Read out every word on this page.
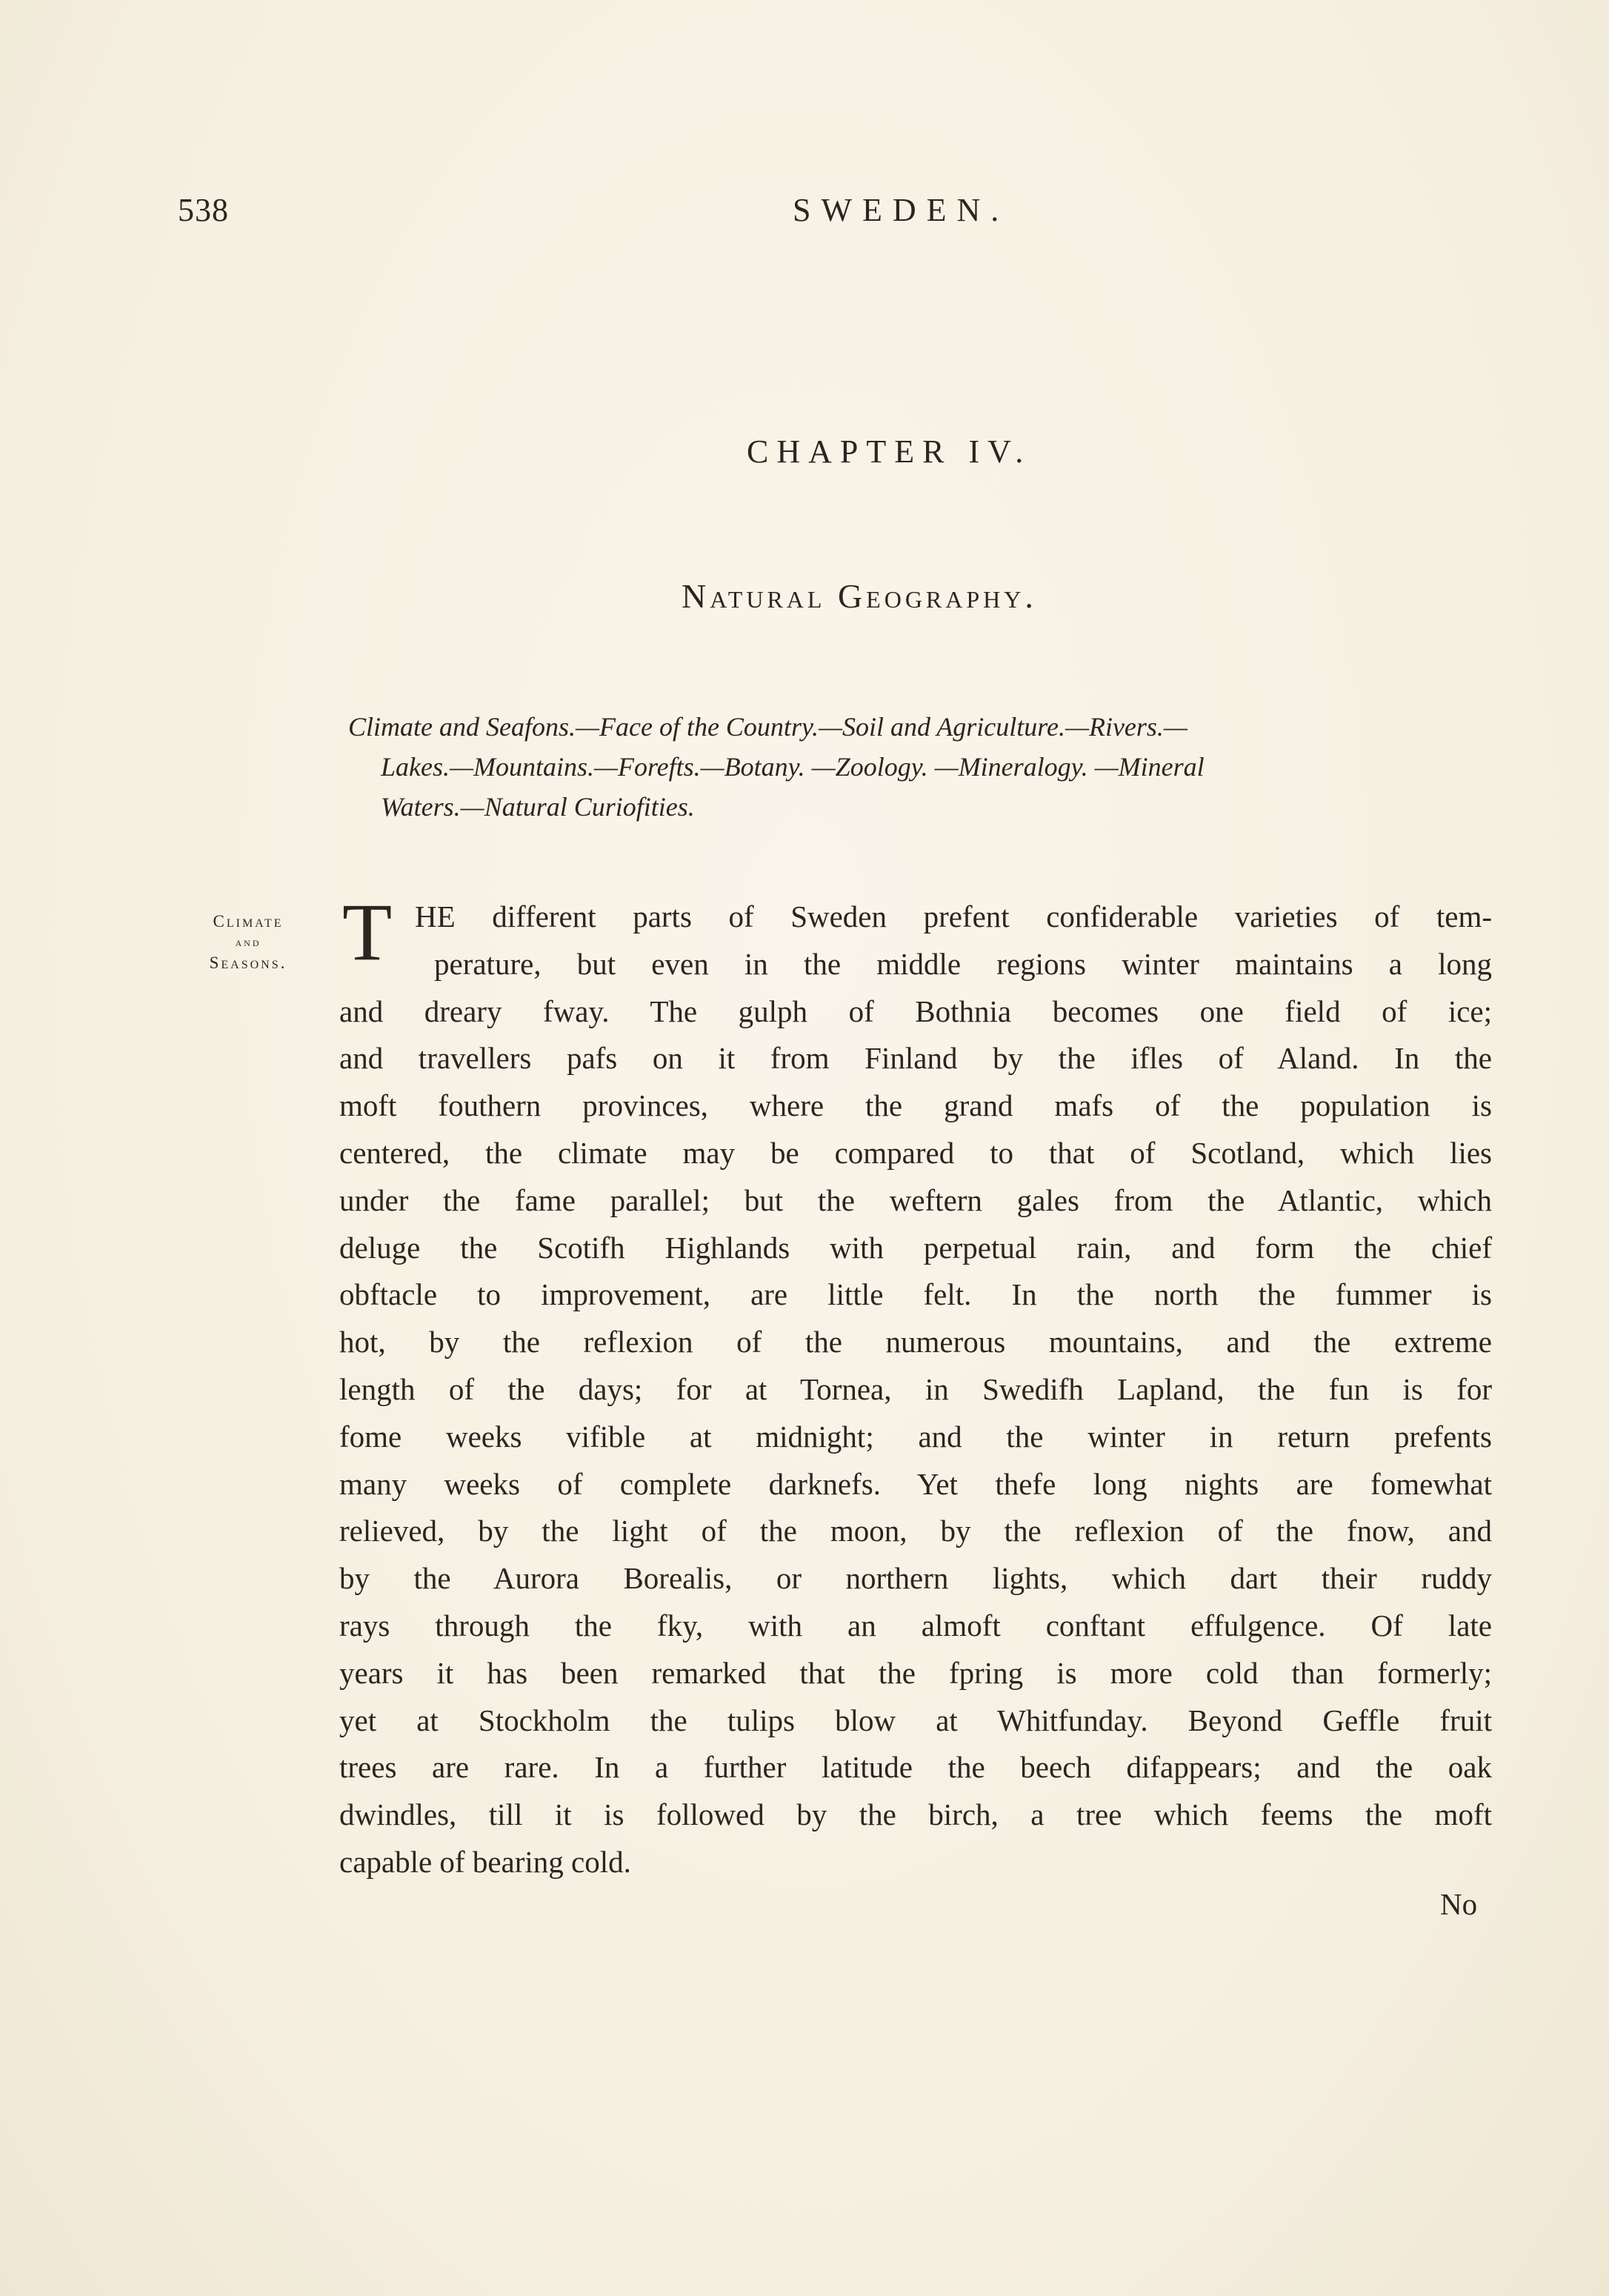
538	SWEDEN.
CHAPTER IV.
Natural Geography.
Climate and Seafons.—Face of the Country.—Soil and Agriculture.—Rivers.—
Lakes.—Mountains.—Forefts.—Botany. —Zoology. —Mineralogy. —Mineral
Waters.—Natural Curiofities.
Climate
and
Seasons. T HE different parts of Sweden prefent confiderable varieties of tem-
perature, but even in the middle regions winter maintains a long
and dreary fway. The gulph of Bothnia becomes one field of ice;
and travellers pafs on it from Finland by the ifles of Aland. In the
moft fouthern provinces, where the grand mafs of the population is
centered, the climate may be compared to that of Scotland, which lies
under the fame parallel; but the weftern gales from the Atlantic, which
deluge the Scotifh Highlands with perpetual rain, and form the chief
obftacle to improvement, are little felt. In the north the fummer is
hot, by the reflexion of the numerous mountains, and the extreme
length of the days; for at Tornea, in Swedifh Lapland, the fun is for
fome weeks vifible at midnight; and the winter in return prefents
many weeks of complete darknefs. Yet thefe long nights are fomewhat
relieved, by the light of the moon, by the reflexion of the fnow, and
by the Aurora Borealis, or northern lights, which dart their ruddy
rays through the fky, with an almoft conftant effulgence. Of late
years it has been remarked that the fpring is more cold than formerly;
yet at Stockholm the tulips blow at Whitfunday. Beyond Geffle fruit
trees are rare. In a further latitude the beech difappears; and the oak
dwindles, till it is followed by the birch, a tree which feems the moft
capable of bearing cold.
No
